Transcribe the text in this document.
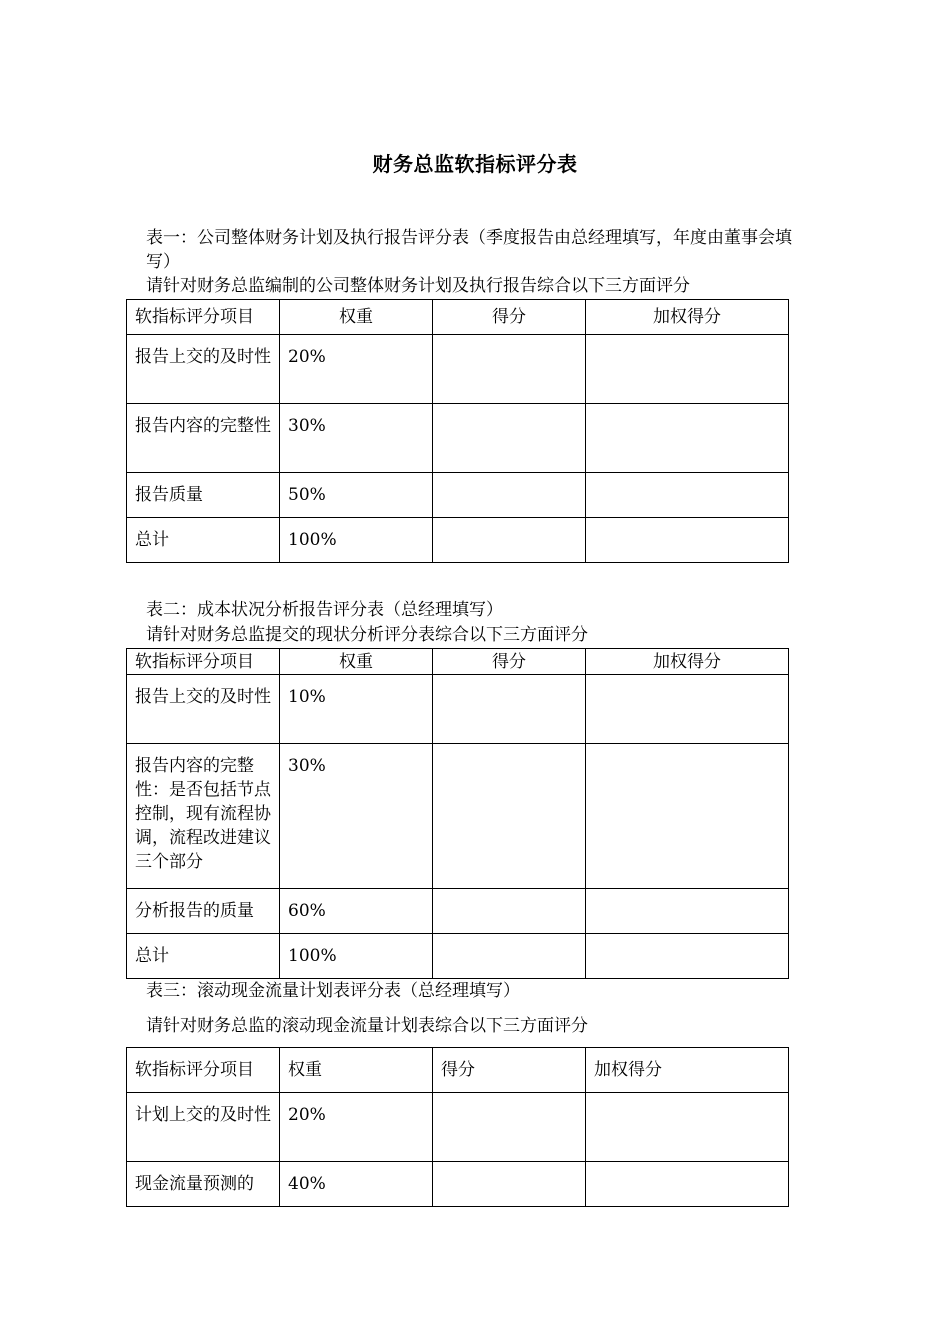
财务总监软指标评分表
表一：公司整体财务计划及执行报告评分表（季度报告由总经理填写，年度由董事会填写）
请针对财务总监编制的公司整体财务计划及执行报告综合以下三方面评分
软指标评分项目	权重	得分	加权得分
报告上交的及时性	20%		
报告内容的完整性	30%		
报告质量	50%		
总计	100%		
表二：成本状况分析报告评分表（总经理填写）
请针对财务总监提交的现状分析评分表综合以下三方面评分
软指标评分项目	权重	得分	加权得分
报告上交的及时性	10%		
报告内容的完整性：是否包括节点控制，现有流程协调，流程改进建议三个部分	30%		
分析报告的质量	60%		
总计	100%		
表三：滚动现金流量计划表评分表（总经理填写）
请针对财务总监的滚动现金流量计划表综合以下三方面评分
软指标评分项目	权重	得分	加权得分
计划上交的及时性	20%		
现金流量预测的	40%		
